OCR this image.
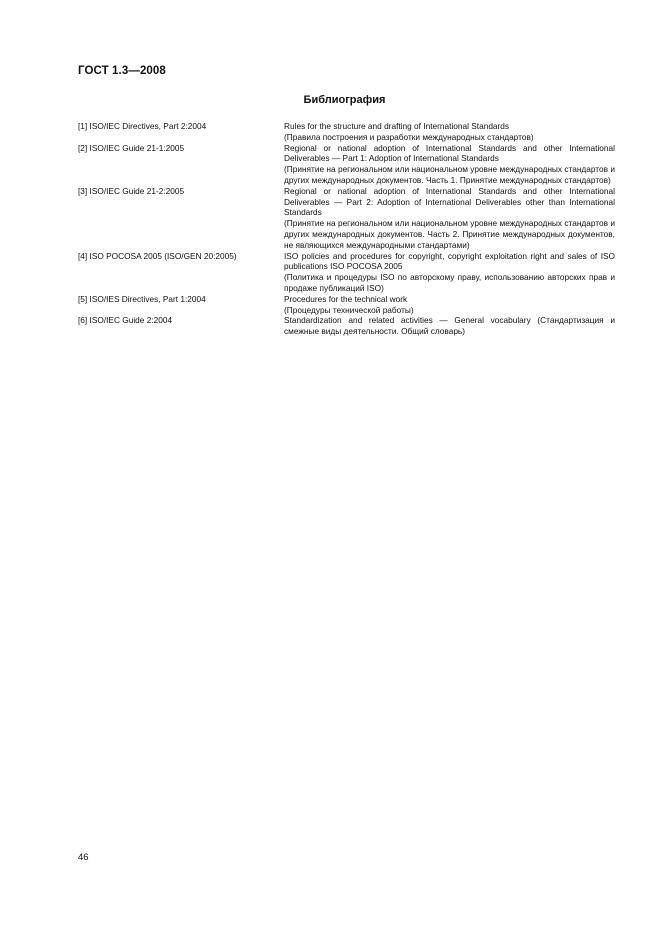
ГОСТ 1.3—2008
Библиография
[1] ISO/IEC Directives, Part 2:2004	Rules for the structure and drafting of International Standards

(Правила построения и разработки международных стандартов)

[2] ISO/IEC Guide 21-1:2005	Regional or national adoption of International Standards and other International Deliverables — Part 1: Adoption of International Standards

(Принятие на региональном или национальном уровне международных стандартов и других международных документов. Часть 1. Принятие международных стандартов)

[3] ISO/IEC Guide 21-2:2005	Regional or national adoption of International Standards and other International Deliverables — Part 2: Adoption of International Deliverables other than International Standards

(Принятие на региональном или национальном уровне международных стандартов и других международных документов. Часть 2. Принятие международных документов, не являющихся международными стандартами)

[4] ISO POCOSA 2005 (ISO/GEN 20:2005)	ISO policies and procedures for copyright, copyright exploitation right and sales of ISO publications ISO POCOSA 2005

(Политика и процедуры ISO по авторскому праву, использованию авторских прав и продаже публикаций ISO)

[5] ISO/IES Directives, Part 1:2004	Procedures for the technical work

(Процедуры технической работы)

[6] ISO/IEC Guide 2:2004	Standardization and related activities — General vocabulary (Стандартизация и смежные виды деятельности. Общий словарь)

46
